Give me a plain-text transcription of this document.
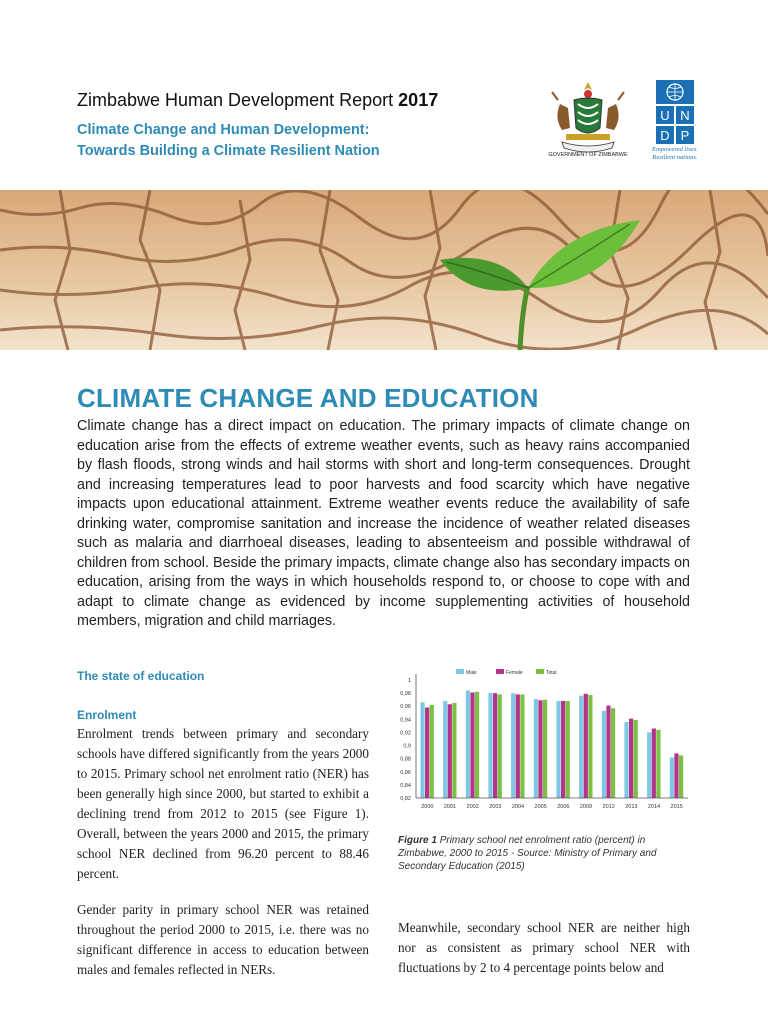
Zimbabwe Human Development Report 2017
Climate Change and Human Development:
Towards Building a Climate Resilient Nation	GOVERNMENT OF ZIMBABWE
U N
D P
Empowered lives.
Resilient nations.
CLIMATE CHANGE AND EDUCATION
Climate change has a direct impact on education. The primary impacts of climate change on education arise from the effects of extreme weather events, such as heavy rains accompanied by flash floods, strong winds and hail storms with short and long-term consequences. Drought and increasing temperatures lead to poor harvests and food scarcity which have negative impacts upon educational attainment. Extreme weather events reduce the availability of safe drinking water, compromise sanitation and increase the incidence of weather related diseases such as malaria and diarrhoeal diseases, leading to absenteeism and possible withdrawal of children from school. Beside the primary impacts, climate change also has secondary impacts on education, arising from the ways in which households respond to, or choose to cope with and adapt to climate change as evidenced by income supplementing activities of household members, migration and child marriages.
The state of education
Enrolment
Enrolment trends between primary and secondary schools have differed significantly from the years 2000 to 2015. Primary school net enrolment ratio (NER) has been generally high since 2000, but started to exhibit a declining trend from 2012 to 2015 (see Figure 1). Overall, between the years 2000 and 2015, the primary school NER declined from 96.20 percent to 88.46 percent.
Gender parity in primary school NER was retained throughout the period 2000 to 2015, i.e. there was no significant difference in access to education between males and females reflected in NERs.
Male	Female	Total
1
0,98
0,96
0,94
0,92
0,9
0,88
0,86
0,84
0,82
2000 2001 2002 2003 2004 2005 2006 2009 2012 2013 2014 2015
Figure 1 Primary school net enrolment ratio (percent) in Zimbabwe, 2000 to 2015 - Source: Ministry of Primary and Secondary Education (2015)
Meanwhile, secondary school NER are neither high nor as consistent as primary school NER with fluctuations by 2 to 4 percentage points below and
